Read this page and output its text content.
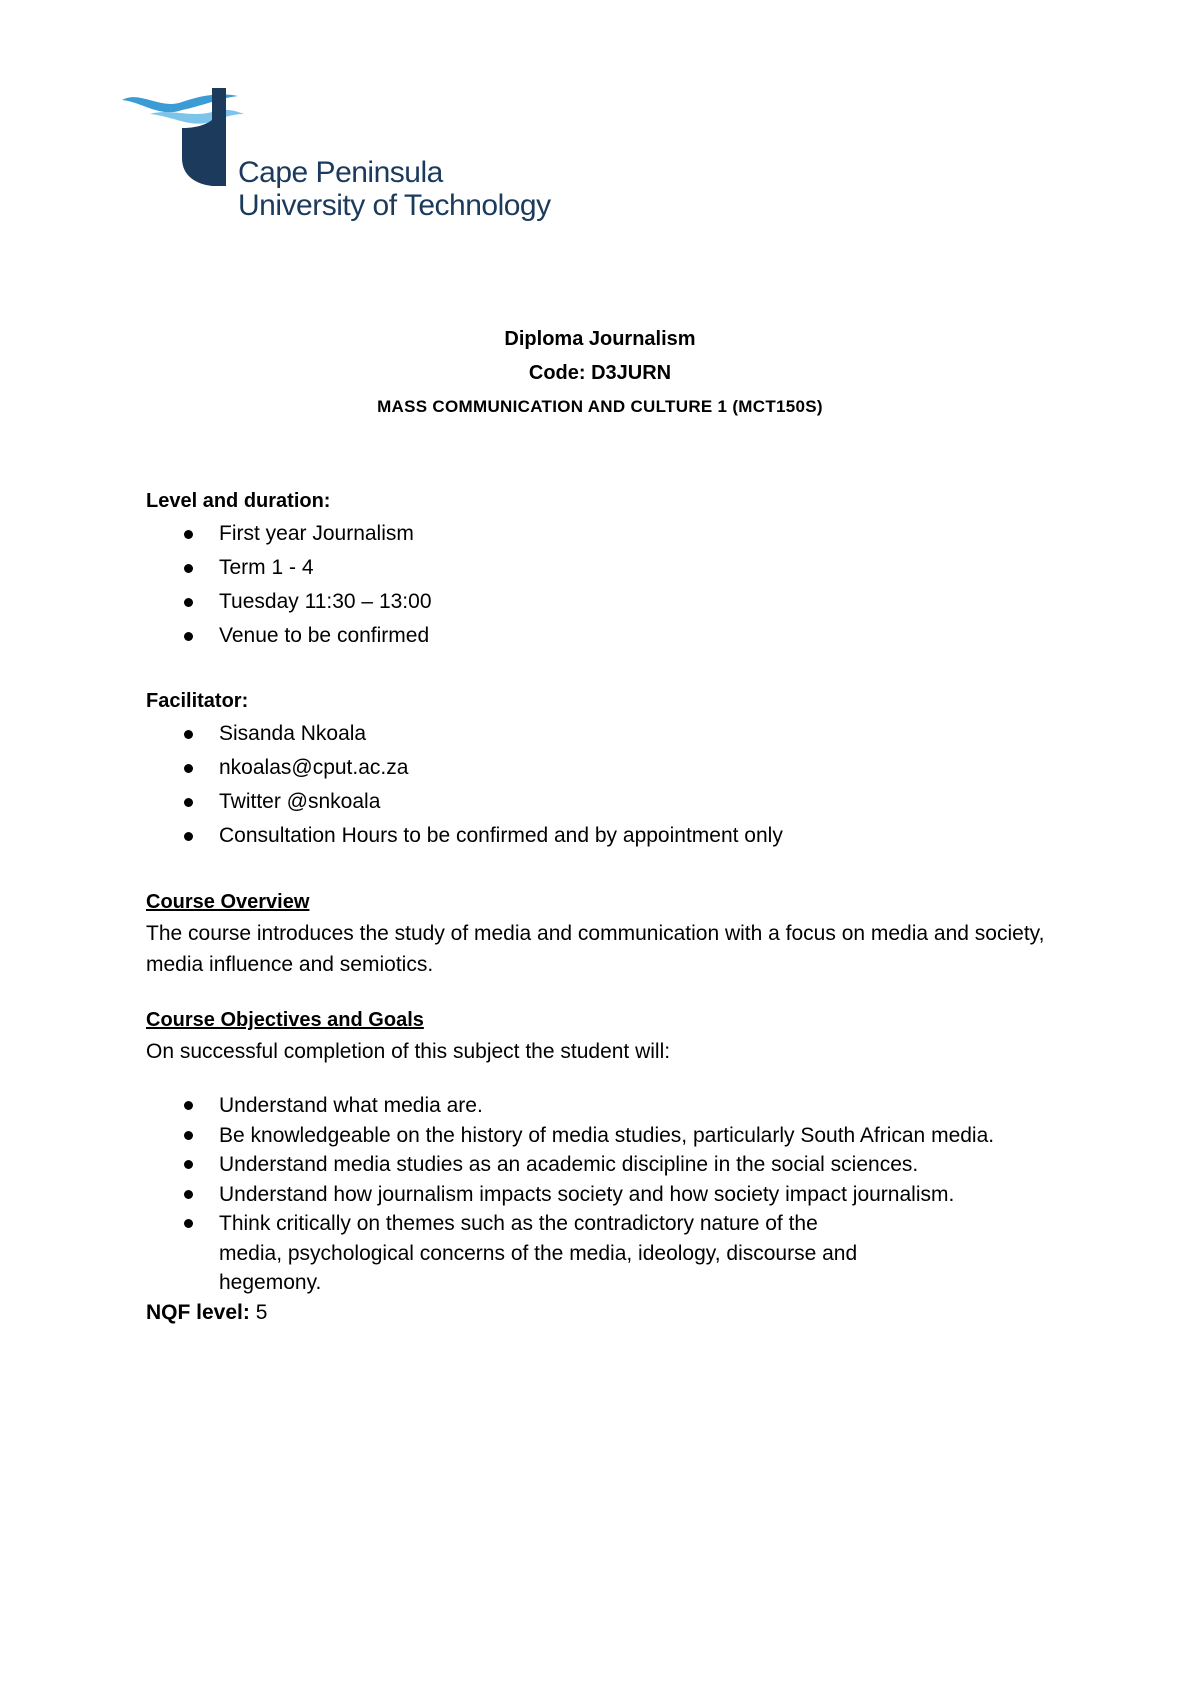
Cape Peninsula
University of Technology
Diploma Journalism
Code: D3JURN
MASS COMMUNICATION AND CULTURE 1 (MCT150S)
Level and duration:
First year Journalism
Term 1 - 4
Tuesday 11:30 – 13:00
Venue to be confirmed
Facilitator:
Sisanda Nkoala
nkoalas@cput.ac.za
Twitter @snkoala
Consultation Hours to be confirmed and by appointment only
Course Overview
The course introduces the study of media and communication with a focus on media and society, media influence and semiotics.
Course Objectives and Goals
On successful completion of this subject the student will:
Understand what media are.
Be knowledgeable on the history of media studies, particularly South African media.
Understand media studies as an academic discipline in the social sciences.
Understand how journalism impacts society and how society impact journalism.
Think critically on themes such as the contradictory nature of the media, psychological concerns of the media, ideology, discourse and hegemony.
NQF level: 5
